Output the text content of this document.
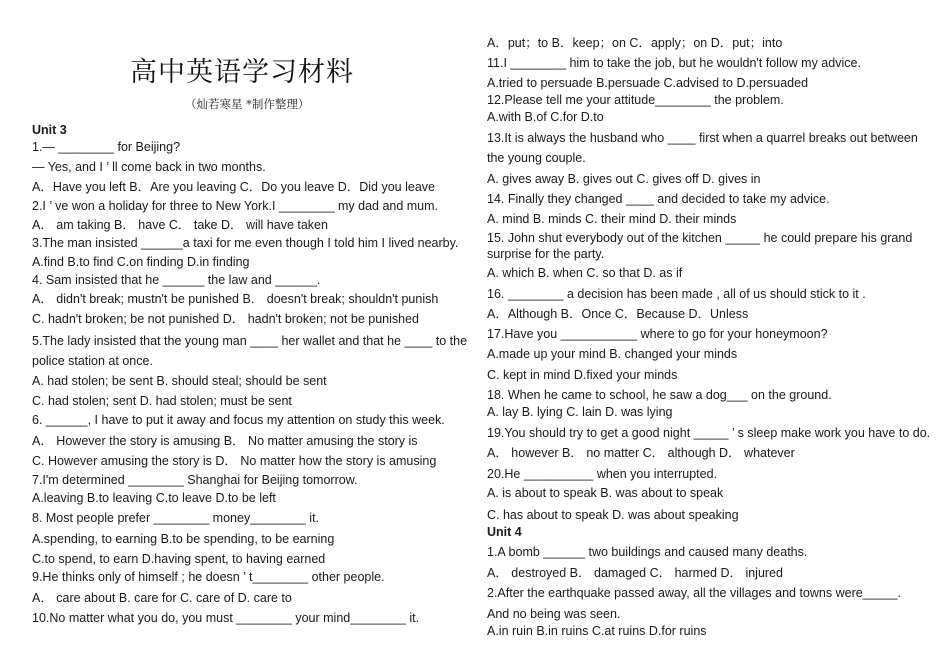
高中英语学习材料
（灿若寒星 *制作整理）
Unit 3
1.— ________ for Beijing?
— Yes, and I ’ ll come back in two months.
A．Have you left B．Are you leaving C．Do you leave D．Did you leave
2.I ’ ve won a holiday for three to New York.I ________ my dad and mum.
A． am taking B． have C． take D． will have taken
3.The man insisted ______a taxi for me even though I told him I lived nearby.
A.find B.to find C.on finding D.in finding
4. Sam insisted that he ______ the law and ______.
A． didn't break; mustn't be punished B． doesn't break; shouldn't punish
C. hadn't broken; be not punished D． hadn't broken; not be punished
5.The lady insisted that the young man ____ her wallet and that he ____ to the
police station at once.
A. had stolen; be sent B. should steal; should be sent
C. had stolen; sent D. had stolen; must be sent
6. ______, I have to put it away and focus my attention on study this week.
A． However the story is amusing B． No matter amusing the story is
C. However amusing the story is D． No matter how the story is amusing
7.I'm determined ________ Shanghai for Beijing tomorrow.
A.leaving B.to leaving C.to leave D.to be left
8. Most people prefer ________ money________ it.
A.spending, to earning B.to be spending, to be earning
C.to spend, to earn D.having spent, to having earned
9.He thinks only of himself ; he doesn ’ t________ other people.
A． care about B. care for C. care of D. care to
10.No matter what you do, you must ________ your mind________ it.
A．put；to B．keep；on C．apply；on D．put；into
11.I ________ him to take the job, but he wouldn't follow my advice.
A.tried to persuade B.persuade C.advised to D.persuaded
12.Please tell me your attitude________ the problem.
A.with B.of C.for D.to
13.It is always the husband who ____ first when a quarrel breaks out between
the young couple.
A. gives away B. gives out C. gives off D. gives in
14. Finally they changed ____ and decided to take my advice.
A. mind B. minds C. their mind D. their minds
15. John shut everybody out of the kitchen _____ he could prepare his grand
surprise for the party.
A. which B. when C. so that D. as if
16. ________ a decision has been made , all of us should stick to it .
A．Although B．Once C．Because D．Unless
17.Have you ___________ where to go for your honeymoon?
A.made up your mind B. changed your minds
C. kept in mind D.fixed your minds
18. When he came to school, he saw a dog___ on the ground.
A. lay B. lying C. lain D. was lying
19.You should try to get a good night _____ ’ s sleep make work you have to do.
A． however B． no matter C． although D． whatever
20.He __________ when you interrupted.
A. is about to speak B. was about to speak
C. has about to speak D. was about speaking
Unit 4
1.A bomb ______ two buildings and caused many deaths.
A． destroyed B． damaged C． harmed D． injured
2.After the earthquake passed away, all the villages and towns were_____.
And no being was seen.
A.in ruin B.in ruins C.at ruins D.for ruins
